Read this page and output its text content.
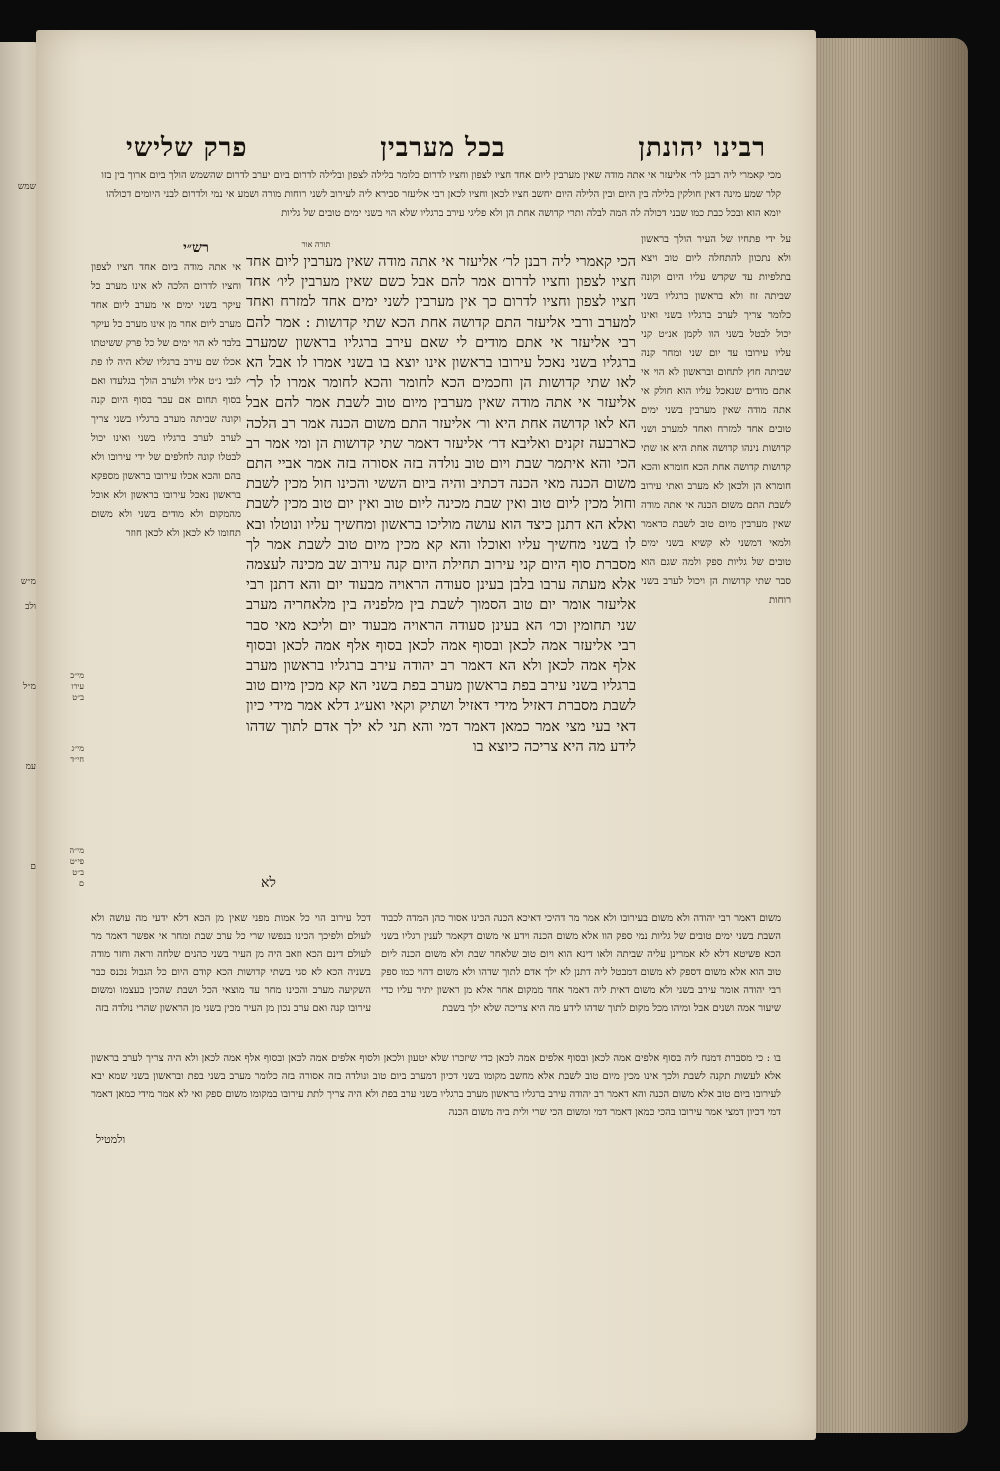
שמש
מ״ש
ולב
מ״ל
עמ
ם
פרק שלישי	בכל מערבין	רבינו יהונתן
מכי קאמרי ליה רבנן לר׳ אליעזר אי אתה מודה שאין מערבין ליום אחד חציו לצפון וחציו לדרום כלומר בלילה לצפון ובלילה לדרום ביום יערב לדרום שהשמש הולך ביום ארוך בין בזו קלר שמע מינה דאין חולקין בלילה בין היום ובין הלילה היום יחשב חציו לכאן וחציו לכאן רבי אליעזר סבירא ליה לעירוב לשני רוחות מורה ושמע אי נמי ולדרום לבני היומים דכולהו יומא הוא ובכל כבת כמו שבני דכולה לה המה לבלה ותרי קדושה אחת הן ולא פליגי עירב ברגליו שלא הוי בשני ימים טובים של גליות
רש״י	תורה אור
אי אתה מודה ביום אחד חציו לצפון וחציו לדרום הלכה לא אינו מערב כל עיקר בשני ימים אי מערב ליום אחד מערב ליום אחר מן אינו מערב כל עיקר בלבד לא הוי ימים של כל פרק ששיטתו אכלו שם עירב ברגליו שלא היה לו פת לגבי נ״ט אליו ולערב הולך בגלעדו ואם בסוף תחום אם עבר בסוף היום קנה וקונה שביתה מערב ברגליו בשני צריך לערב לערב ברגליו בשני ואינו יכול לבטלו קונה לחלפים של ידי עירובו ולא בהם והכא אכלו עירובו בראשון מספקא בראשון נאכל עירובו בראשון ולא אוכל מהמקום ולא מודים בשני ולא משום תחומו לא לכאן ולא לכאן חוזר
הכי קאמרי ליה רבנן לר׳ אליעזר אי אתה מודה שאין מערבין ליום אחד חציו לצפון וחציו לדרום אמר להם אבל כשם שאין מערבין ליו׳ אחד חציו לצפון וחציו לדרום כך אין מערבין לשני ימים אחד למזרח ואחד למערב ורבי אליעזר התם קדושה אחת הכא שתי קדושות : אמר להם רבי אליעזר אי אתם מודים לי שאם עירב ברגליו בראשון שמערב ברגליו בשני נאכל עירובו בראשון אינו יוצא בו בשני אמרו לו אבל הא לאו שתי קדושות הן וחכמים הכא לחומר והכא לחומר אמרו לו לר׳ אליעזר אי אתה מודה שאין מערבין מיום טוב לשבת אמר להם אבל הא לאו קדושה אחת היא ור׳ אליעזר התם משום הכנה אמר רב הלכה כארבעה זקנים ואליבא דר׳ אליעזר דאמר שתי קדושות הן ומי אמר רב הכי והא איתמר שבת ויום טוב נולדה בזה אסורה בזה אמר אביי התם משום הכנה מאי הכנה דכתיב והיה ביום הששי והכינו חול מכין לשבת וחול מכין ליום טוב ואין שבת מכינה ליום טוב ואין יום טוב מכין לשבת ואלא הא דתנן כיצד הוא עושה מוליכו בראשון ומחשיך עליו ונוטלו ובא לו בשני מחשיך עליו ואוכלו והא קא מכין מיום טוב לשבת אמר לך מסברת סוף היום קני עירוב תחילת היום קנה עירוב שב מכינה לעצמה אלא מעתה ערבו בלבן בעינן סעודה הראויה מבעוד יום והא דתנן רבי אליעזר אומר יום טוב הסמוך לשבת בין מלפניה בין מלאחריה מערב שני תחומין וכו׳ הא בעינן סעודה הראויה מבעוד יום וליכא מאי סבר רבי אליעזר אמה לכאן ובסוף אמה לכאן בסוף אלף אמה לכאן ובסוף אלף אמה לכאן ולא הא דאמר רב יהודה עירב ברגליו בראשון מערב ברגליו בשני עירב בפת בראשון מערב בפת בשני הא קא מכין מיום טוב לשבת מסברת דאזיל מידי דאזיל ושתיק וקאי ואע״ג דלא אמר מידי כיון דאי בעי מצי אמר כמאן דאמר דמי והא תני לא ילך אדם לתוך שדהו לידע מה היא צריכה כיוצא בו
לא
על ידי פתחיו של העיר הולך בראשון ולא נתכוון להתחלה ליום טוב ויצא בתלפיות עד שקדש עליו היום וקונה שביתה זוז ולא בראשון ברגליו בשני כלומר צריך לערב ברגליו בשני ואינו יכול לבטל בשני הוו לקמן אנ״ט קני עליו עירובו עד יום שני ומחר קנה שביתה חוץ לתחום ובראשון לא הוי אי אתם מודים שנאכל עליו הוא חולק אי אתה מודה שאין מערבין בשני ימים טובים אחד למזרח ואחד למערב ושני קדושות נינהו קדושה אחת היא או שתי קדושות קדושה אחת הכא חומרא והכא חומרא הן ולכאן לא מערב ואתי עירוב לשבת התם משום הכנה אי אתה מודה שאין מערבין מיום טוב לשבת כדאמר ולמאי דמשני לא קשיא בשני ימים טובים של גליות ספק ולמה שגם הוא סבר שתי קדושות הן ויכול לערב בשני רוחות
מי״ב
עירו
ב״ט
מי״ג
חי״ד
מי״ה
פי״ט
ב״ט
ם
דכל עירוב הוי כל אמות מפני שאין מן הכא דלא ידעי מה עושה ולא לעולם ולפיכך הכינו בנפשו שרי כל ערב שבת ומחר אי אפשר דאמר מר לעולם דינם הכא וזאב היה מן העיר בשני כהנים שלחה וראה וחזר מודה בשניה הכא לא סגי בשתי קדושות הכא קודם היום כל הגבול נכנס כבר השקיעה מערב והכינו מחר עד מוצאי הכל ושבת שהכין בעצמו ומשום עירובו קנה ואם ערב נכון מן העיר מכין בשני מן הראשון שהרי נולדה בזה
משום דאמר רבי יהודה ולא משום בעירובו ולא אמר מר דהיכי דאיכא הכנה הכינו אסור כהן המדה לכבוד השבת בשני ימים טובים של גליות נמי ספק הוו אלא משום הכנה וידע אי משום דקאמר לענין רגליו בשני הכא פשיטא דלא לא אמרינן עליה שביתה ולאו דינא הוא ויום טוב שלאחר שבת ולא משום הכנה ליום טוב הוא אלא משום דספק לא משום דמבטל ליה דתנן לא ילך אדם לתוך שדהו ולא משום דהוי כמו ספק רבי יהודה אומר עירב בשני ולא משום דאית ליה דאמר אחד ממקום אחר אלא מן ראשון יתיר עליו כדי שיעור אמה ושנים אבל ומיהו מכל מקום לתוך שדהו לידע מה היא צריכה שלא ילך בשבת
בו : כי מסברת דמנח ליה בסוף אלפים אמה לכאן ובסוף אלפים אמה לכאן כדי שיזכרו שלא יטעון ולכאן ולסוף אלפים אמה לכאן ובסוף אלף אמה לכאן ולא היה צריך לערב בראשון אלא לעשות תקנה לשבת ולכך אינו מכין מיום טוב לשבת אלא מחשב מקומו בשני דכיון דמערב ביום טוב ונולדה בזה אסורה בזה כלומר מערב בשני בפת ובראשון בשני שמא יבא לעירובו ביום טוב אלא משום הכנה והא דאמר רב יהודה עירב ברגליו בראשון מערב ברגליו בשני ערב בפת ולא היה צריך לתת עירובו במקומו משום ספק ואי לא אמר מידי כמאן דאמר דמי דכיון דמצי אמר עירובו בהכי כמאן דאמר דמי ומשום הכי שרי ולית ביה משום הכנה
ולמטיל
